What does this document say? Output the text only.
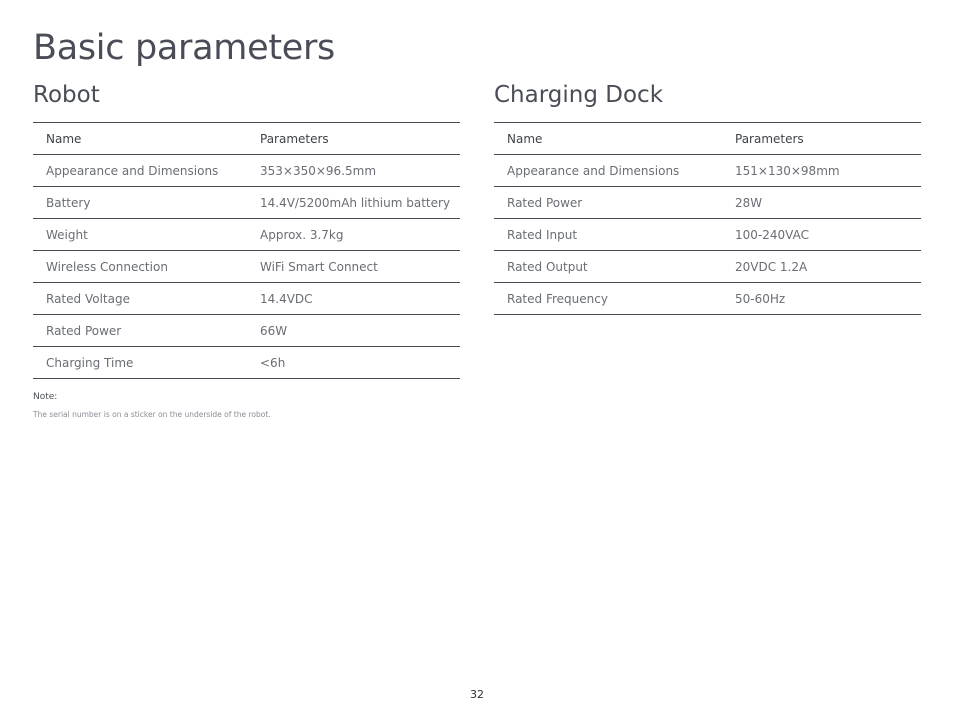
Basic parameters
Robot
Name	Parameters
Appearance and Dimensions	353×350×96.5mm
Battery	14.4V/5200mAh lithium battery
Weight	Approx. 3.7kg
Wireless Connection	WiFi Smart Connect
Rated Voltage	14.4VDC
Rated Power	66W
Charging Time	<6h
Charging Dock
Name	Parameters
Appearance and Dimensions	151×130×98mm
Rated Power	28W
Rated Input	100-240VAC
Rated Output	20VDC 1.2A
Rated Frequency	50-60Hz
Note:
The serial number is on a sticker on the underside of the robot.
32
